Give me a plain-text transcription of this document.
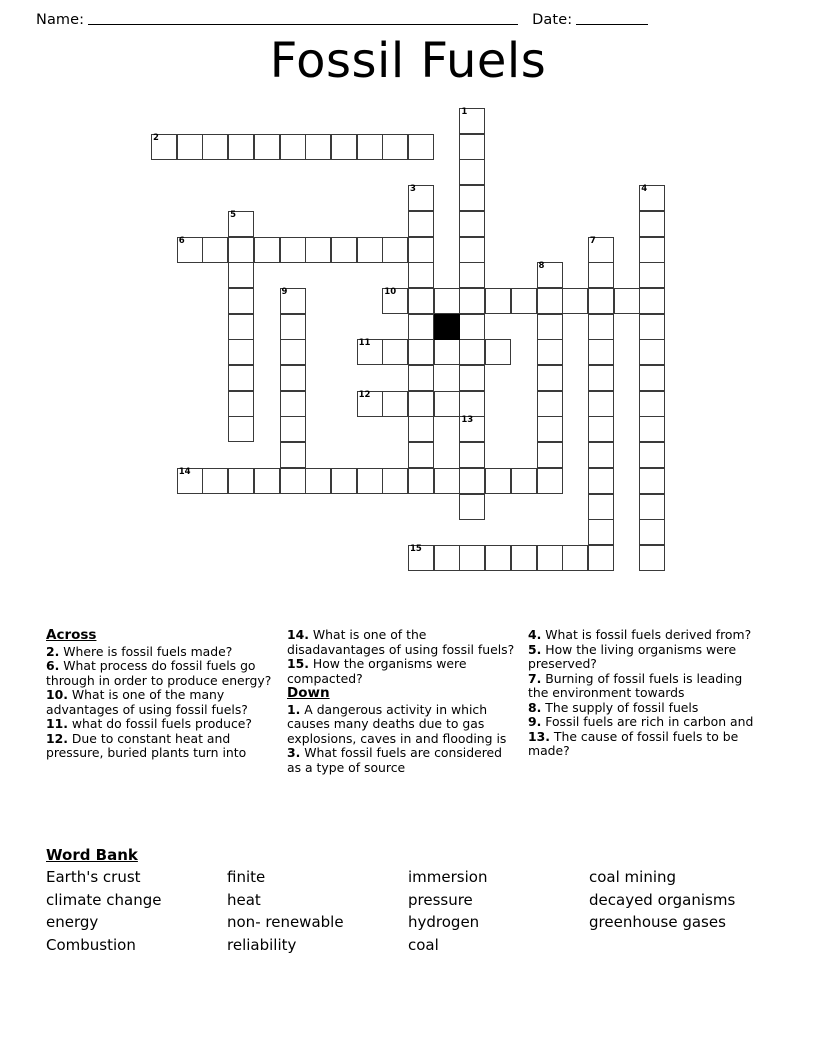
Name:	Date:
Fossil Fuels
1
2
3	4
5
6	7
8
9	10
11
12
13
14
15
Across
2. Where is fossil fuels made?
6. What process do fossil fuels go through in order to produce energy?
10. What is one of the many advantages of using fossil fuels?
11. what do fossil fuels produce?
12. Due to constant heat and pressure, buried plants turn into
14. What is one of the disadavantages of using fossil fuels?
15. How the organisms were compacted?
Down
1. A dangerous activity in which causes many deaths due to gas explosions, caves in and flooding is
3. What fossil fuels are considered as a type of source
4. What is fossil fuels derived from?
5. How the living organisms were preserved?
7. Burning of fossil fuels is leading the environment towards
8. The supply of fossil fuels
9. Fossil fuels are rich in carbon and
13. The cause of fossil fuels to be made?
Word Bank
Earth's crust
climate change
energy
Combustion
finite
heat
non- renewable
reliability
immersion
pressure
hydrogen
coal
coal mining
decayed organisms
greenhouse gases
